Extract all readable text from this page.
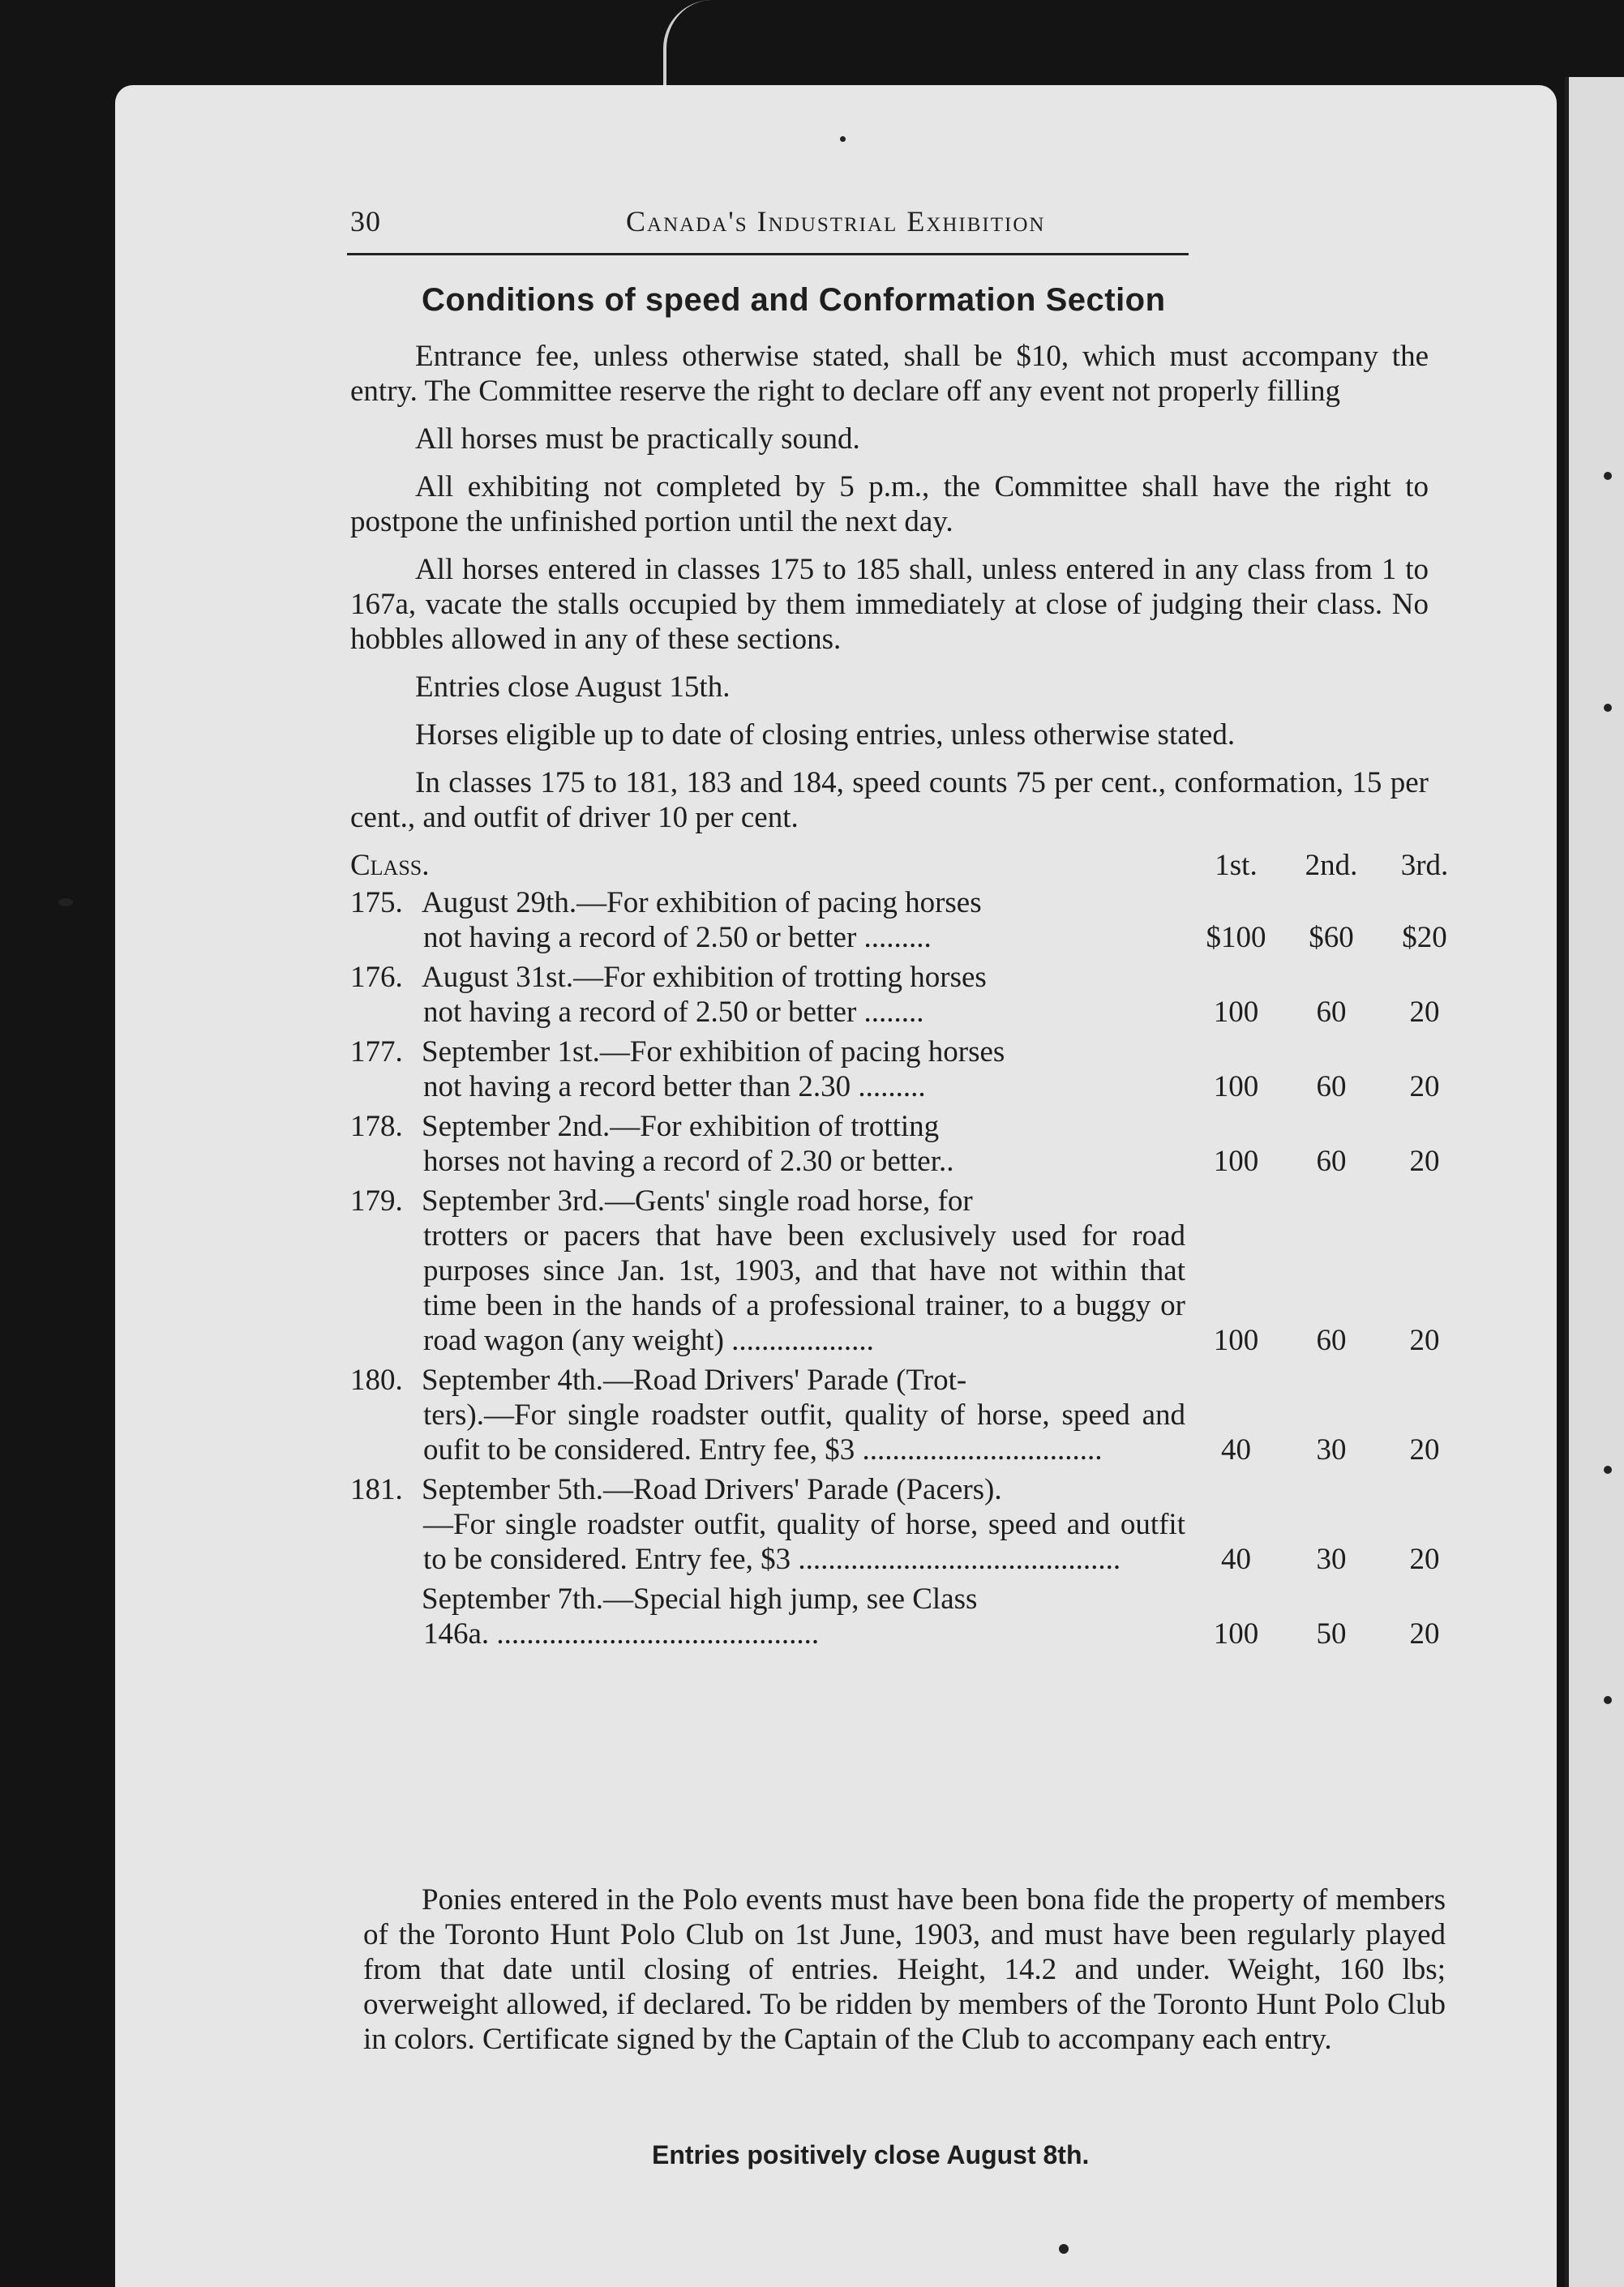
30	Canada's Industrial Exhibition
Conditions of speed and Conformation Section

Entrance fee, unless otherwise stated, shall be $10, which must accompany the entry. The Committee reserve the right to declare off any event not properly filling

All horses must be practically sound.

All exhibiting not completed by 5 p.m., the Committee shall have the right to postpone the unfinished portion until the next day.

All horses entered in classes 175 to 185 shall, unless entered in any class from 1 to 167a, vacate the stalls occupied by them immediately at close of judging their class. No hobbles allowed in any of these sections.

Entries close August 15th.

Horses eligible up to date of closing entries, unless otherwise stated.

In classes 175 to 181, 183 and 184, speed counts 75 per cent., conformation, 15 per cent., and outfit of driver 10 per cent.

Class.	1st.	2nd.	3rd.
175. August 29th.—For exhibition of pacing horses
not having a record of 2.50 or better .........	$100	$60	$20
176. August 31st.—For exhibition of trotting horses
not having a record of 2.50 or better ........	100	60	20
177. September 1st.—For exhibition of pacing horses
not having a record better than 2.30 .........	100	60	20
178. September 2nd.—For exhibition of trotting
horses not having a record of 2.30 or better..	100	60	20
179. September 3rd.—Gents' single road horse, for
trotters or pacers that have been exclusively used for road purposes since Jan. 1st, 1903, and that have not within that time been in the hands of a professional trainer, to a buggy or road wagon (any weight) ...................	100	60	20
180. September 4th.—Road Drivers' Parade (Trot-
ters).—For single roadster outfit, quality of horse, speed and oufit to be considered. Entry fee, $3 ................................	40	30	20
181. September 5th.—Road Drivers' Parade (Pacers).
—For single roadster outfit, quality of horse, speed and outfit to be considered. Entry fee, $3 ...........................................	40	30	20
September 7th.—Special high jump, see Class
146a. ...........................................	100	50	20
Ponies entered in the Polo events must have been bona fide the property of members of the Toronto Hunt Polo Club on 1st June, 1903, and must have been regularly played from that date until closing of entries. Height, 14.2 and under. Weight, 160 lbs; overweight allowed, if declared. To be ridden by members of the Toronto Hunt Polo Club in colors. Certificate signed by the Captain of the Club to accompany each entry.
Entries positively close August 8th.
